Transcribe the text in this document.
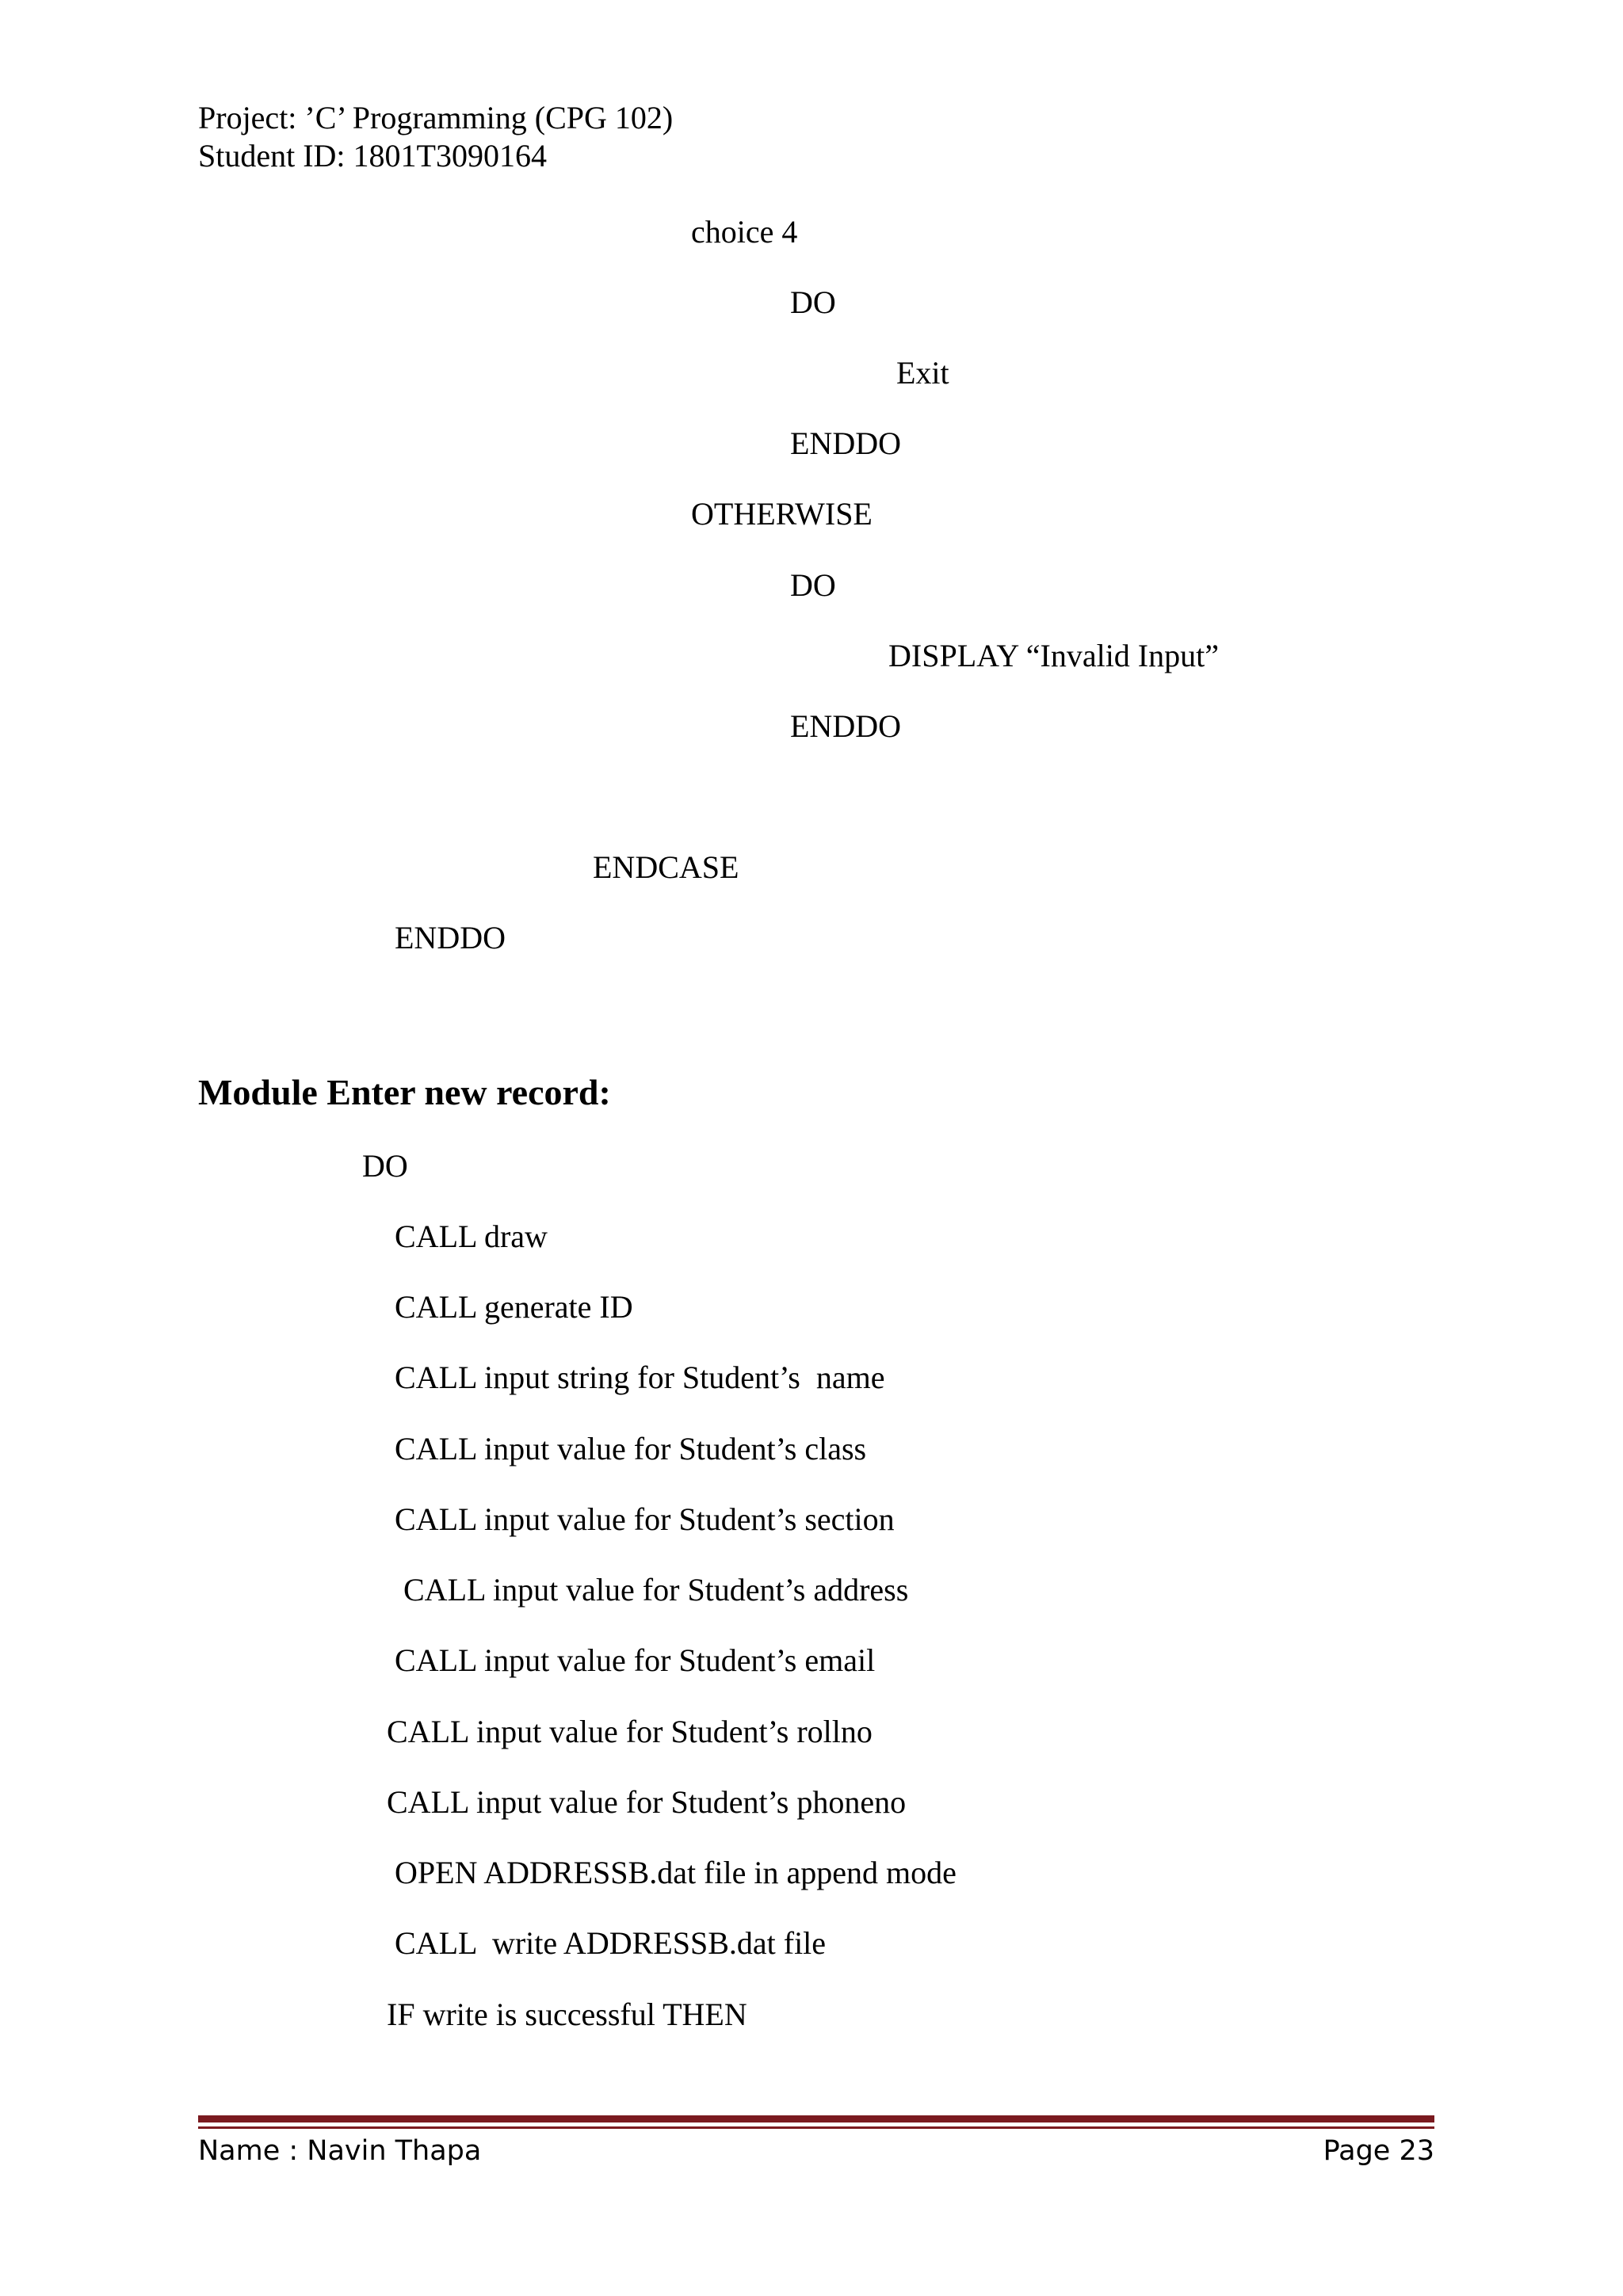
Project: ’C’ Programming (CPG 102)
Student ID: 1801T3090164
choice 4
DO
Exit
ENDDO
OTHERWISE
DO
DISPLAY “Invalid Input”
ENDDO
ENDCASE
ENDDO
Module Enter new record:
DO
CALL draw
CALL generate ID
CALL input string for Student’s  name
CALL input value for Student’s class
CALL input value for Student’s section
CALL input value for Student’s address
CALL input value for Student’s email
CALL input value for Student’s rollno
CALL input value for Student’s phoneno
OPEN ADDRESSB.dat file in append mode
CALL  write ADDRESSB.dat file
IF write is successful THEN
Name : Navin Thapa	Page 23
